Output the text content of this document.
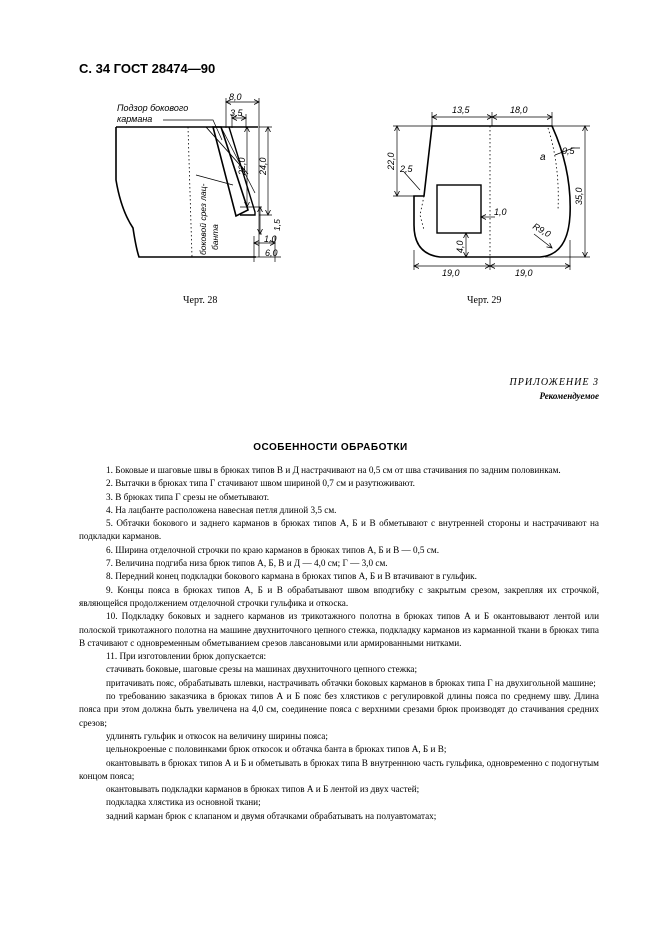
С. 34 ГОСТ 28474—90
Подзор бокового
кармана
боковой срез лац- банта
8,0
3,5
22,0 24,0
1,5
1,0
6,0
13,5	18,0
22,0 2,5
a
0,5
35,0
1,0
R9,0
4,0
19,0	19,0
Черт. 28	Черт. 29
ПРИЛОЖЕНИЕ 3
Рекомендуемое
ОСОБЕННОСТИ ОБРАБОТКИ

1. Боковые и шаговые швы в брюках типов В и Д настрачивают на 0,5 см от шва стачивания по задним половинкам.

2. Вытачки в брюках типа Г стачивают швом шириной 0,7 см и разутюживают.

3. В брюках типа Г срезы не обметывают.

4. На лацбанте расположена навесная петля длиной 3,5 см.

5. Обтачки бокового и заднего карманов в брюках типов А, Б и В обметывают с внутренней стороны и настрачивают на подкладки карманов.

6. Ширина отделочной строчки по краю карманов в брюках типов А, Б и В — 0,5 см.

7. Величина подгиба низа брюк типов А, Б, В и Д — 4,0 см; Г — 3,0 см.

8. Передний конец подкладки бокового кармана в брюках типов А, Б и В втачивают в гульфик.

9. Концы пояса в брюках типов А, Б и В обрабатывают швом вподгибку с закрытым срезом, закрепляя их строчкой, являющейся продолжением отделочной строчки гульфика и откоска.

10. Подкладку боковых и заднего карманов из трикотажного полотна в брюках типов А и Б окантовывают лентой или полоской трикотажного полотна на машине двухниточного цепного стежка, подкладку карманов из карманной ткани в брюках типа В стачивают с одновременным обметыванием срезов лавсановыми или армированными нитками.

11. При изготовлении брюк допускается:

стачивать боковые, шаговые срезы на машинах двухниточного цепного стежка;

притачивать пояс, обрабатывать шлевки, настрачивать обтачки боковых карманов в брюках типа Г на двухигольной машине;

по требованию заказчика в брюках типов А и Б пояс без хлястиков с регулировкой длины пояса по среднему шву. Длина пояса при этом должна быть увеличена на 4,0 см, соединение пояса с верхними срезами брюк производят до стачивания средних срезов;

удлинять гульфик и откосок на величину ширины пояса;

цельнокроеные с половинками брюк откосок и обтачка банта в брюках типов А, Б и В;

окантовывать в брюках типов А и Б и обметывать в брюках типа В внутреннюю часть гульфика, одновременно с подогнутым концом пояса;

окантовывать подкладки карманов в брюках типов А и Б лентой из двух частей;

подкладка хлястика из основной ткани;

задний карман брюк с клапаном и двумя обтачками обрабатывать на полуавтоматах;
